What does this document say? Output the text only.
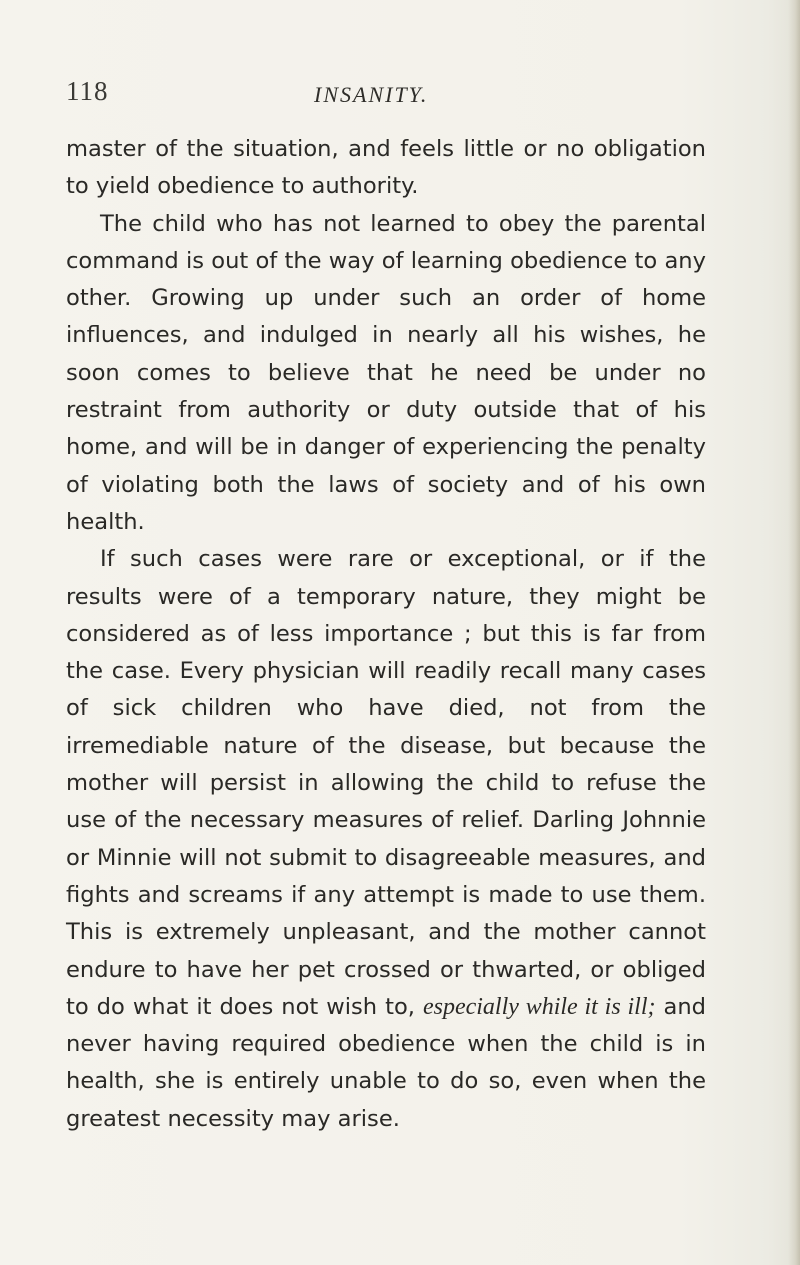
118	INSANITY.

master of the situation, and feels little or no obligation to yield obedience to authority.

The child who has not learned to obey the parental command is out of the way of learning obedience to any other. Growing up under such an order of home influences, and indulged in nearly all his wishes, he soon comes to believe that he need be under no restraint from authority or duty outside that of his home, and will be in danger of experiencing the penalty of violating both the laws of society and of his own health.

If such cases were rare or exceptional, or if the results were of a temporary nature, they might be considered as of less importance ; but this is far from the case. Every physician will readily recall many cases of sick children who have died, not from the irremediable nature of the disease, but because the mother will persist in allowing the child to refuse the use of the necessary measures of relief. Darling Johnnie or Minnie will not submit to disagreeable measures, and fights and screams if any attempt is made to use them. This is extremely unpleasant, and the mother cannot endure to have her pet crossed or thwarted, or obliged to do what it does not wish to, especially while it is ill; and never having required obedience when the child is in health, she is entirely unable to do so, even when the greatest necessity may arise.
